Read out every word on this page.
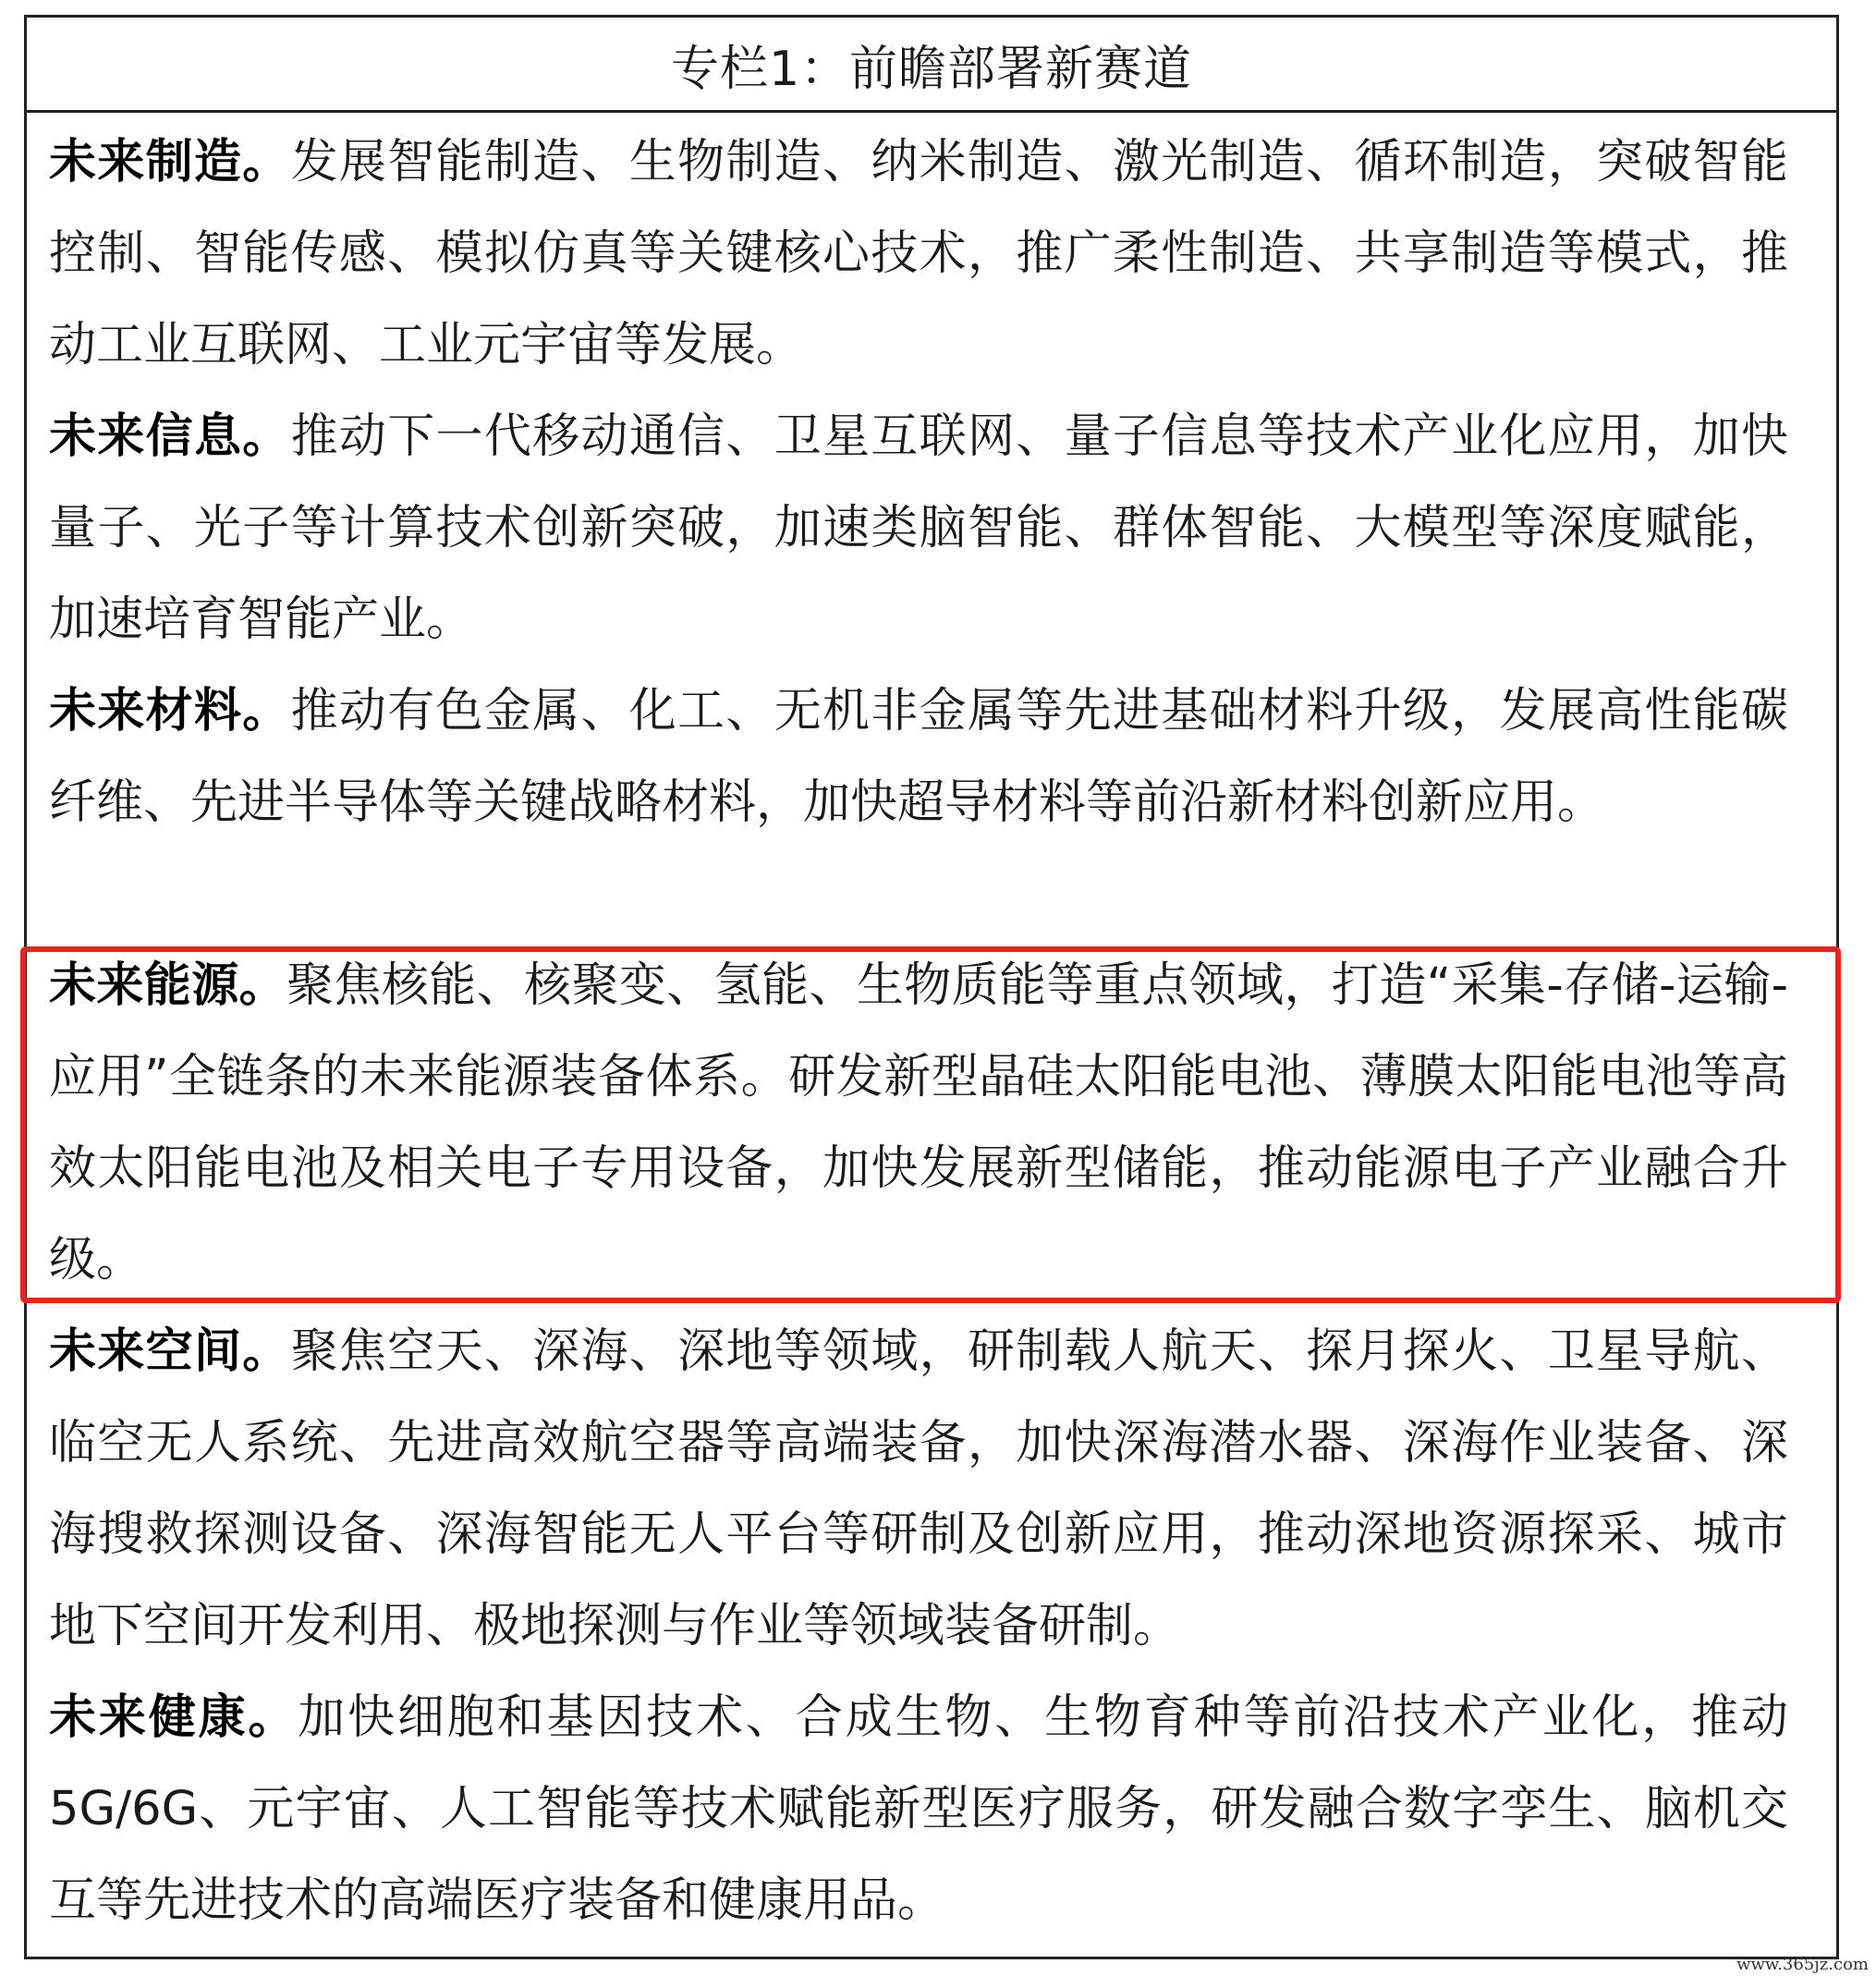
专栏1：前瞻部署新赛道
未来制造。发展智能制造、生物制造、纳米制造、激光制造、循环制造，突破智能控制、智能传感、模拟仿真等关键核心技术，推广柔性制造、共享制造等模式，推动工业互联网、工业元宇宙等发展。
未来信息。推动下一代移动通信、卫星互联网、量子信息等技术产业化应用，加快量子、光子等计算技术创新突破，加速类脑智能、群体智能、大模型等深度赋能，加速培育智能产业。
未来材料。推动有色金属、化工、无机非金属等先进基础材料升级，发展高性能碳纤维、先进半导体等关键战略材料，加快超导材料等前沿新材料创新应用。
未来能源。聚焦核能、核聚变、氢能、生物质能等重点领域，打造“采集-存储-运输-应用”全链条的未来能源装备体系。研发新型晶硅太阳能电池、薄膜太阳能电池等高效太阳能电池及相关电子专用设备，加快发展新型储能，推动能源电子产业融合升级。
未来空间。聚焦空天、深海、深地等领域，研制载人航天、探月探火、卫星导航、临空无人系统、先进高效航空器等高端装备，加快深海潜水器、深海作业装备、深海搜救探测设备、深海智能无人平台等研制及创新应用，推动深地资源探采、城市地下空间开发利用、极地探测与作业等领域装备研制。
未来健康。加快细胞和基因技术、合成生物、生物育种等前沿技术产业化，推动5G/6G、元宇宙、人工智能等技术赋能新型医疗服务，研发融合数字孪生、脑机交互等先进技术的高端医疗装备和健康用品。
www.365jz.com
